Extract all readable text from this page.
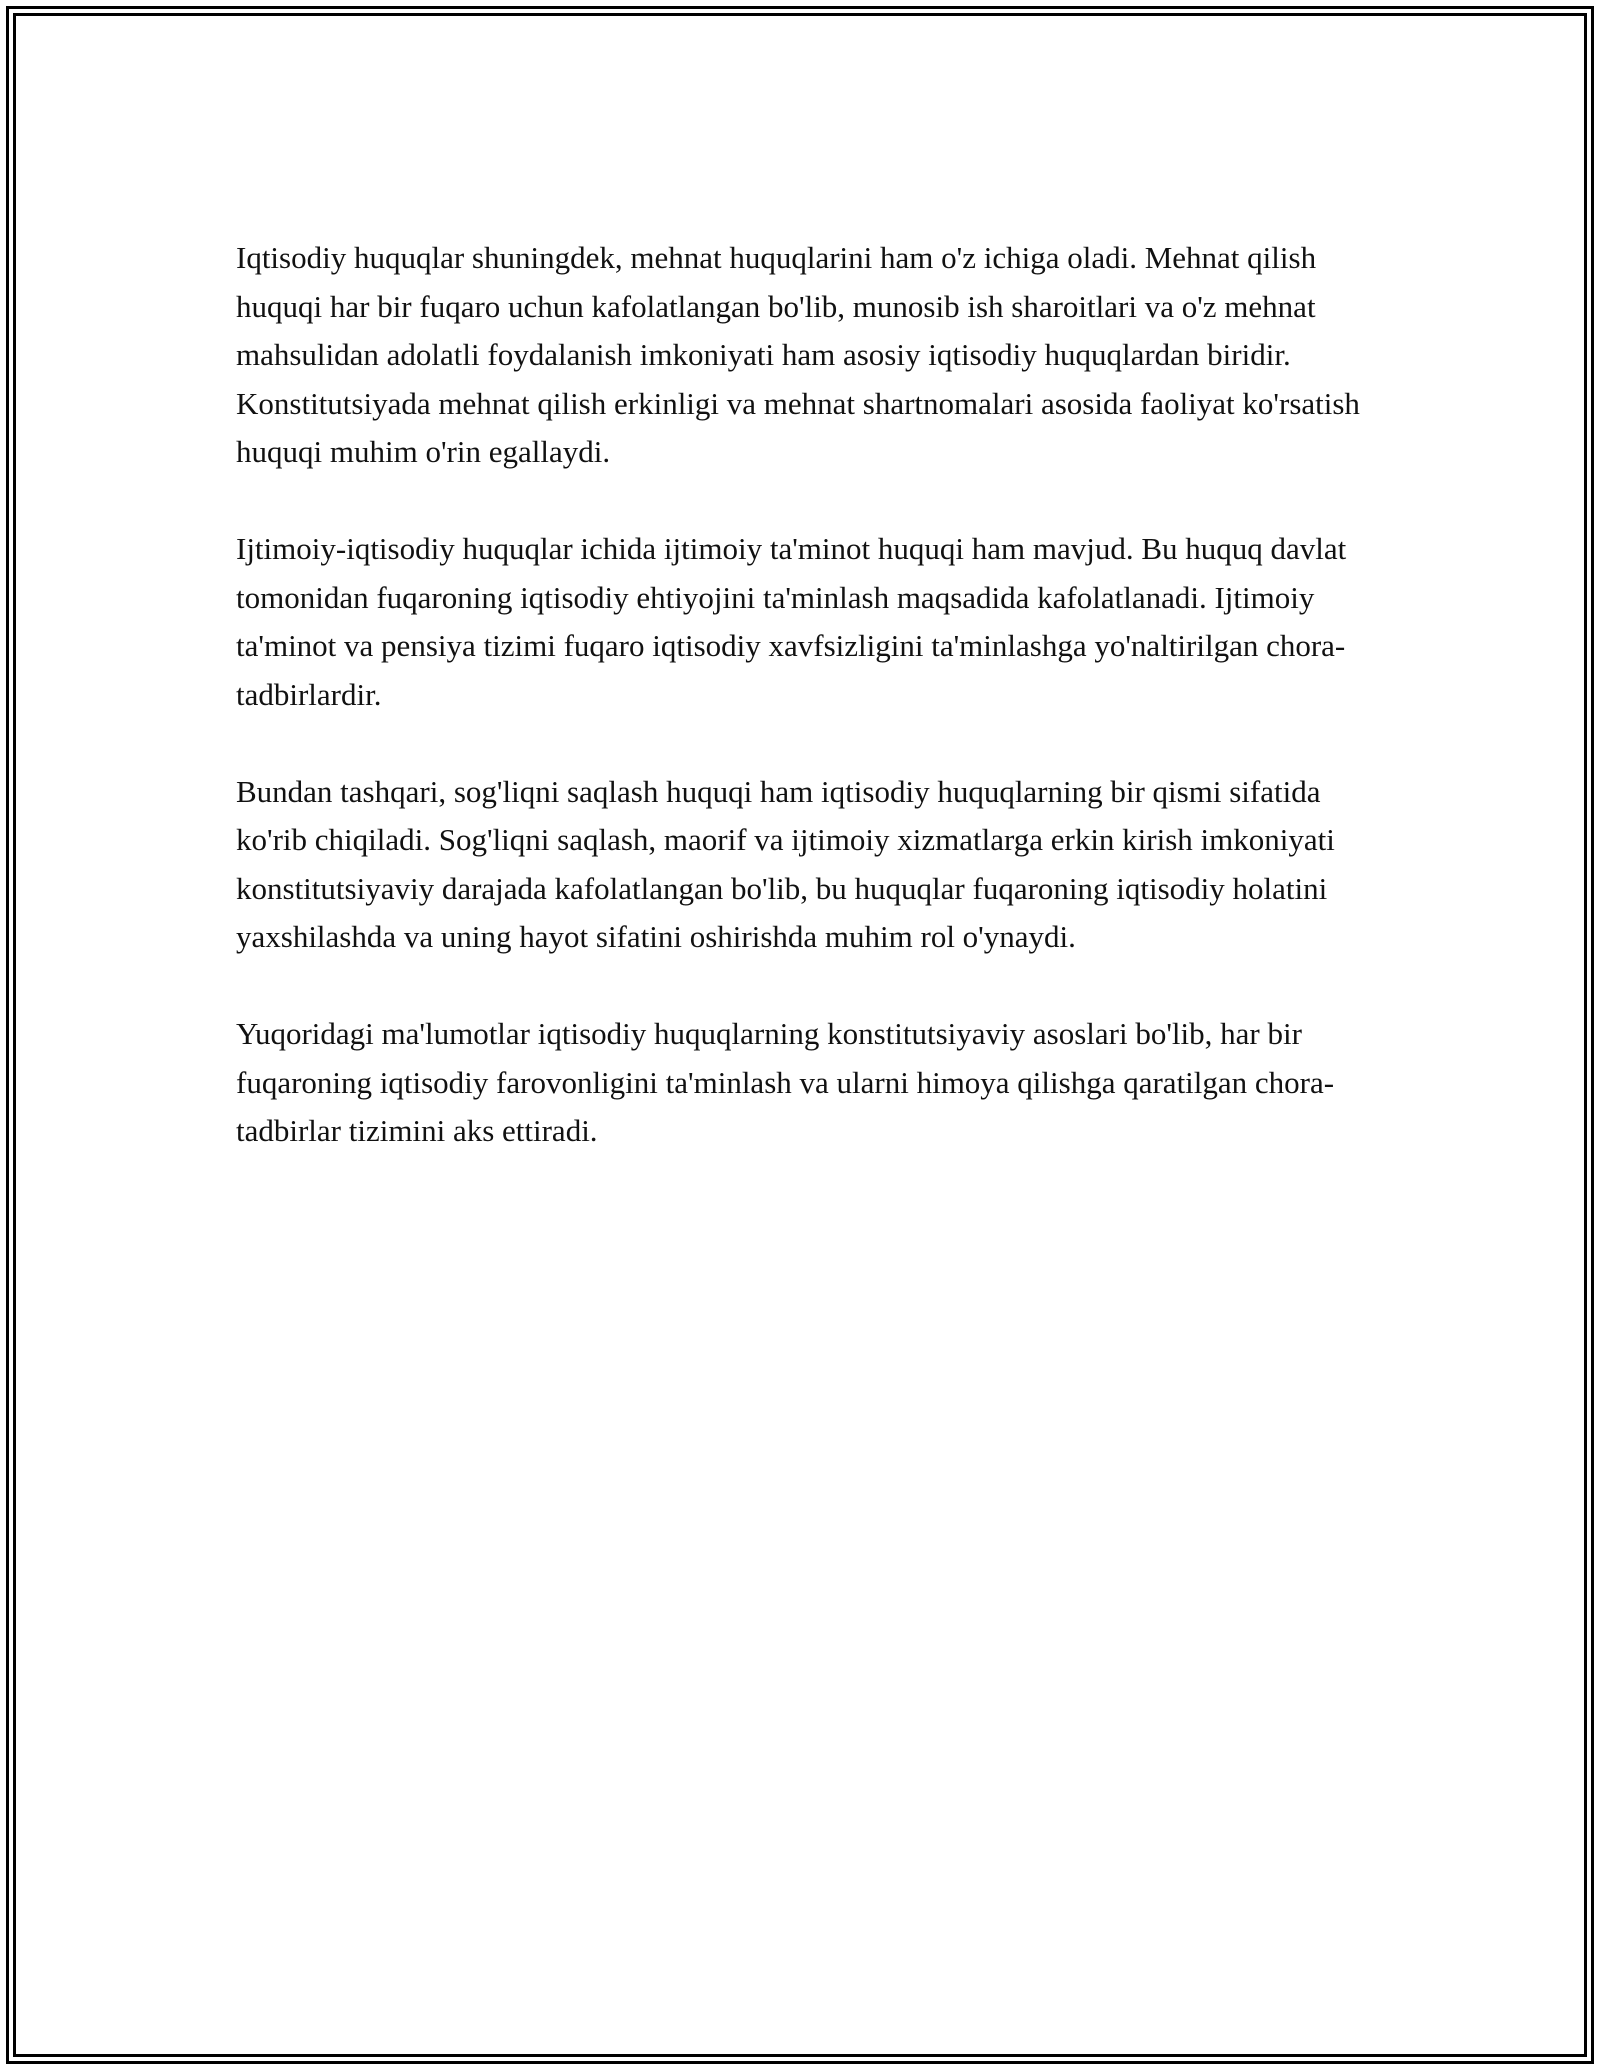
Iqtisodiy huquqlar shuningdek, mehnat huquqlarini ham o'z ichiga oladi. Mehnat qilish huquqi har bir fuqaro uchun kafolatlangan bo'lib, munosib ish sharoitlari va o'z mehnat mahsulidan adolatli foydalanish imkoniyati ham asosiy iqtisodiy huquqlardan biridir. Konstitutsiyada mehnat qilish erkinligi va mehnat shartnomalari asosida faoliyat ko'rsatish huquqi muhim o'rin egallaydi.

Ijtimoiy-iqtisodiy huquqlar ichida ijtimoiy ta'minot huquqi ham mavjud. Bu huquq davlat tomonidan fuqaroning iqtisodiy ehtiyojini ta'minlash maqsadida kafolatlanadi. Ijtimoiy ta'minot va pensiya tizimi fuqaro iqtisodiy xavfsizligini ta'minlashga yo'naltirilgan chora-tadbirlardir.

Bundan tashqari, sog'liqni saqlash huquqi ham iqtisodiy huquqlarning bir qismi sifatida ko'rib chiqiladi. Sog'liqni saqlash, maorif va ijtimoiy xizmatlarga erkin kirish imkoniyati konstitutsiyaviy darajada kafolatlangan bo'lib, bu huquqlar fuqaroning iqtisodiy holatini yaxshilashda va uning hayot sifatini oshirishda muhim rol o'ynaydi.

Yuqoridagi ma'lumotlar iqtisodiy huquqlarning konstitutsiyaviy asoslari bo'lib, har bir fuqaroning iqtisodiy farovonligini ta'minlash va ularni himoya qilishga qaratilgan chora-tadbirlar tizimini aks ettiradi.
